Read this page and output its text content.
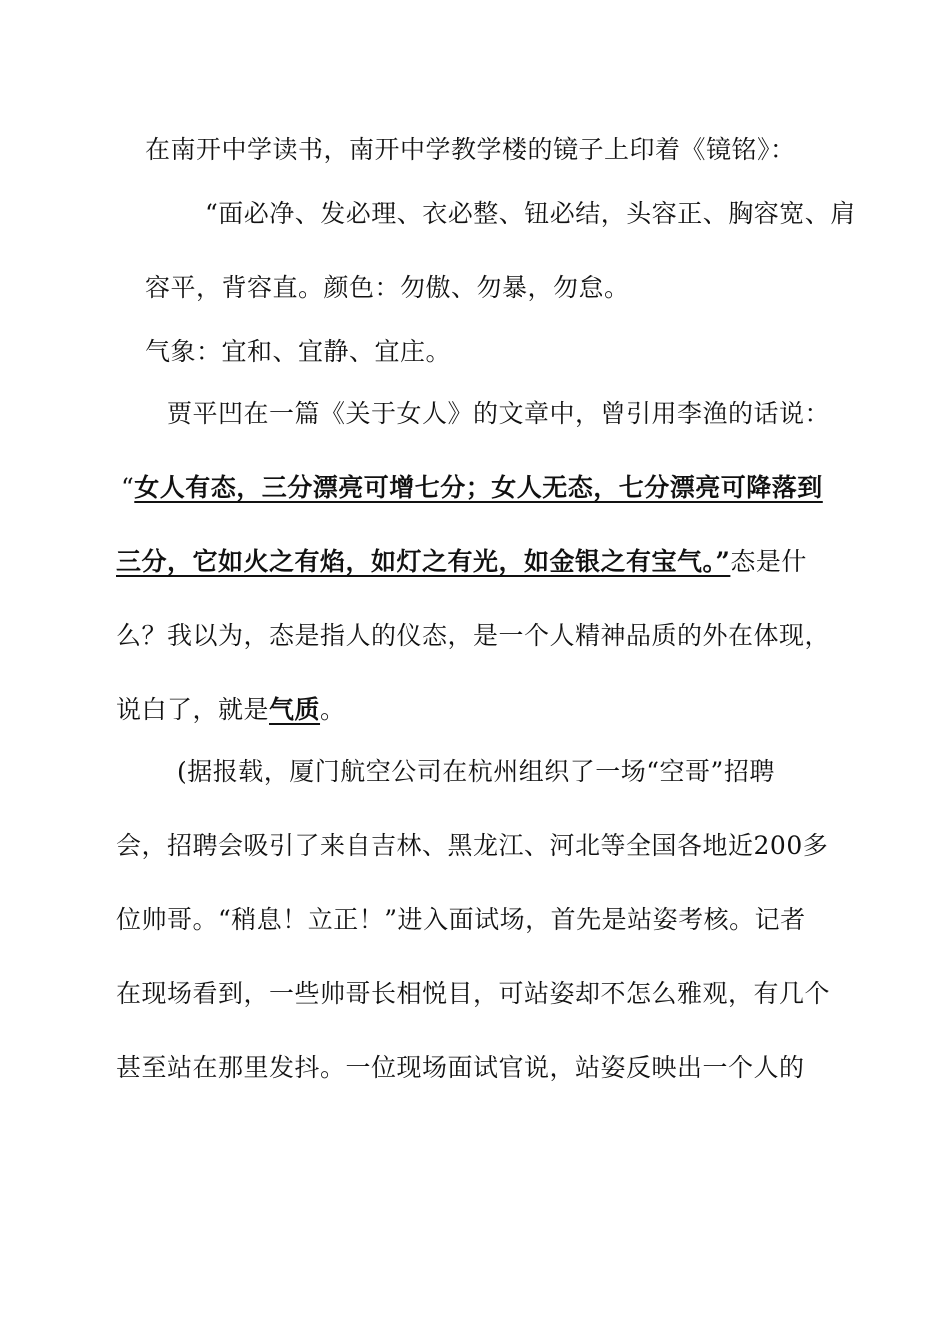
在南开中学读书，南开中学教学楼的镜子上印着《镜铭》：
“面必净、发必理、衣必整、钮必结，头容正、胸容宽、肩
容平，背容直。颜色：勿傲、勿暴，勿怠。
气象：宜和、宜静、宜庄。
贾平凹在一篇《关于女人》的文章中，曾引用李渔的话说：
“女人有态，三分漂亮可增七分；女人无态，七分漂亮可降落到
三分，它如火之有焰，如灯之有光，如金银之有宝气。”态是什
么？我以为，态是指人的仪态，是一个人精神品质的外在体现，
说白了，就是气质。
(据报载，厦门航空公司在杭州组织了一场“空哥”招聘
会，招聘会吸引了来自吉林、黑龙江、河北等全国各地近200多
位帅哥。“稍息！立正！”进入面试场，首先是站姿考核。记者
在现场看到，一些帅哥长相悦目，可站姿却不怎么雅观，有几个
甚至站在那里发抖。一位现场面试官说，站姿反映出一个人的
